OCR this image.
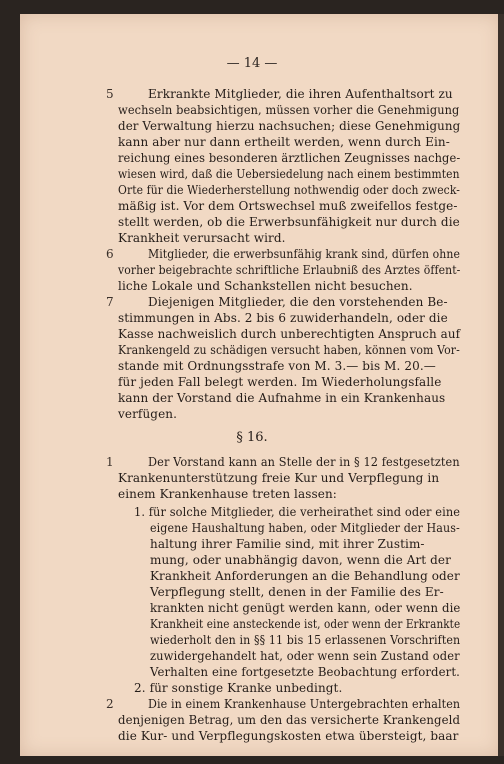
— 14 —
5
6
7
1
2
§ 16.
Erkrankte Mitglieder, die ihren Aufenthaltsort zu
wechseln beabsichtigen, müssen vorher die Genehmigung
der Verwaltung hierzu nachsuchen; diese Genehmigung
kann aber nur dann ertheilt werden, wenn durch Ein-
reichung eines besonderen ärztlichen Zeugnisses nachge-
wiesen wird, daß die Uebersiedelung nach einem bestimmten
Orte für die Wiederherstellung nothwendig oder doch zweck-
mäßig ist. Vor dem Ortswechsel muß zweifellos festge-
stellt werden, ob die Erwerbsunfähigkeit nur durch die
Krankheit verursacht wird.
Mitglieder, die erwerbsunfähig krank sind, dürfen ohne
vorher beigebrachte schriftliche Erlaubniß des Arztes öffent-
liche Lokale und Schankstellen nicht besuchen.
Diejenigen Mitglieder, die den vorstehenden Be-
stimmungen in Abs. 2 bis 6 zuwiderhandeln, oder die
Kasse nachweislich durch unberechtigten Anspruch auf
Krankengeld zu schädigen versucht haben, können vom Vor-
stande mit Ordnungsstrafe von M. 3.— bis M. 20.—
für jeden Fall belegt werden. Im Wiederholungsfalle
kann der Vorstand die Aufnahme in ein Krankenhaus
verfügen.
Der Vorstand kann an Stelle der in § 12 festgesetzten
Krankenunterstützung freie Kur und Verpflegung in
einem Krankenhause treten lassen:
1. für solche Mitglieder, die verheirathet sind oder eine
eigene Haushaltung haben, oder Mitglieder der Haus-
haltung ihrer Familie sind, mit ihrer Zustim-
mung, oder unabhängig davon, wenn die Art der
Krankheit Anforderungen an die Behandlung oder
Verpflegung stellt, denen in der Familie des Er-
krankten nicht genügt werden kann, oder wenn die
Krankheit eine ansteckende ist, oder wenn der Erkrankte
wiederholt den in §§ 11 bis 15 erlassenen Vorschriften
zuwidergehandelt hat, oder wenn sein Zustand oder
Verhalten eine fortgesetzte Beobachtung erfordert.
2. für sonstige Kranke unbedingt.
Die in einem Krankenhause Untergebrachten erhalten
denjenigen Betrag, um den das versicherte Krankengeld
die Kur- und Verpflegungskosten etwa übersteigt, baar
